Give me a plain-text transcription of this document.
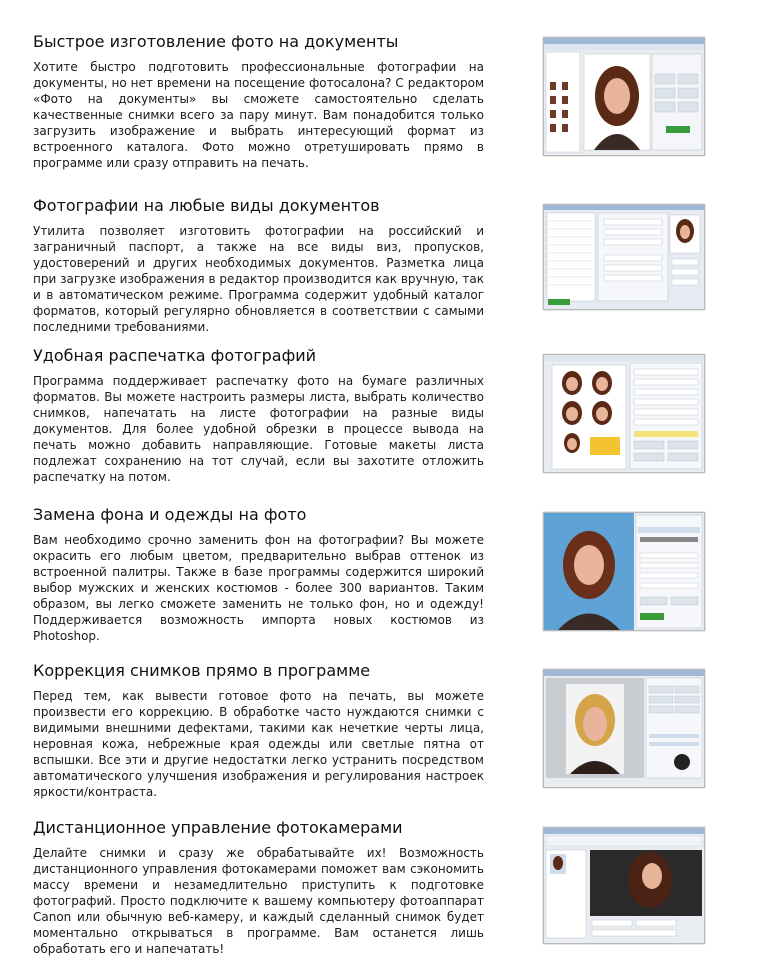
Быстрое изготовление фото на документы
Хотите быстро подготовить профессиональные фотографии на документы, но нет времени на посещение фотосалона? С редактором «Фото на документы» вы сможете самостоятельно сделать качественные снимки всего за пару минут. Вам понадобится только загрузить изображение и выбрать интересующий формат из встроенного каталога. Фото можно отретушировать прямо в программе или сразу отправить на печать.
Фотографии на любые виды документов
Утилита позволяет изготовить фотографии на российский и заграничный паспорт, а также на все виды виз, пропусков, удостоверений и других необходимых документов. Разметка лица при загрузке изображения в редактор производится как вручную, так и в автоматическом режиме. Программа содержит удобный каталог форматов, который регулярно обновляется в соответствии с самыми последними требованиями.
Удобная распечатка фотографий
Программа поддерживает распечатку фото на бумаге различных форматов. Вы можете настроить размеры листа, выбрать количество снимков, напечатать на листе фотографии на разные виды документов. Для более удобной обрезки в процессе вывода на печать можно добавить направляющие. Готовые макеты листа подлежат сохранению на тот случай, если вы захотите отложить распечатку на потом.
Замена фона и одежды на фото
Вам необходимо срочно заменить фон на фотографии? Вы можете окрасить его любым цветом, предварительно выбрав оттенок из встроенной палитры. Также в базе программы содержится широкий выбор мужских и женских костюмов - более 300 вариантов. Таким образом, вы легко сможете заменить не только фон, но и одежду! Поддерживается возможность импорта новых костюмов из Photoshop.
Коррекция снимков прямо в программе
Перед тем, как вывести готовое фото на печать, вы можете произвести его коррекцию. В обработке часто нуждаются снимки с видимыми внешними дефектами, такими как нечеткие черты лица, неровная кожа, небрежные края одежды или светлые пятна от вспышки. Все эти и другие недостатки легко устранить посредством автоматического улучшения изображения и регулирования настроек яркости/контраста.
Дистанционное управление фотокамерами
Делайте снимки и сразу же обрабатывайте их! Возможность дистанционного управления фотокамерами поможет вам сэкономить массу времени и незамедлительно приступить к подготовке фотографий. Просто подключите к вашему компьютеру фотоаппарат Canon или обычную веб-камеру, и каждый сделанный снимок будет моментально открываться в программе. Вам останется лишь обработать его и напечатать!
